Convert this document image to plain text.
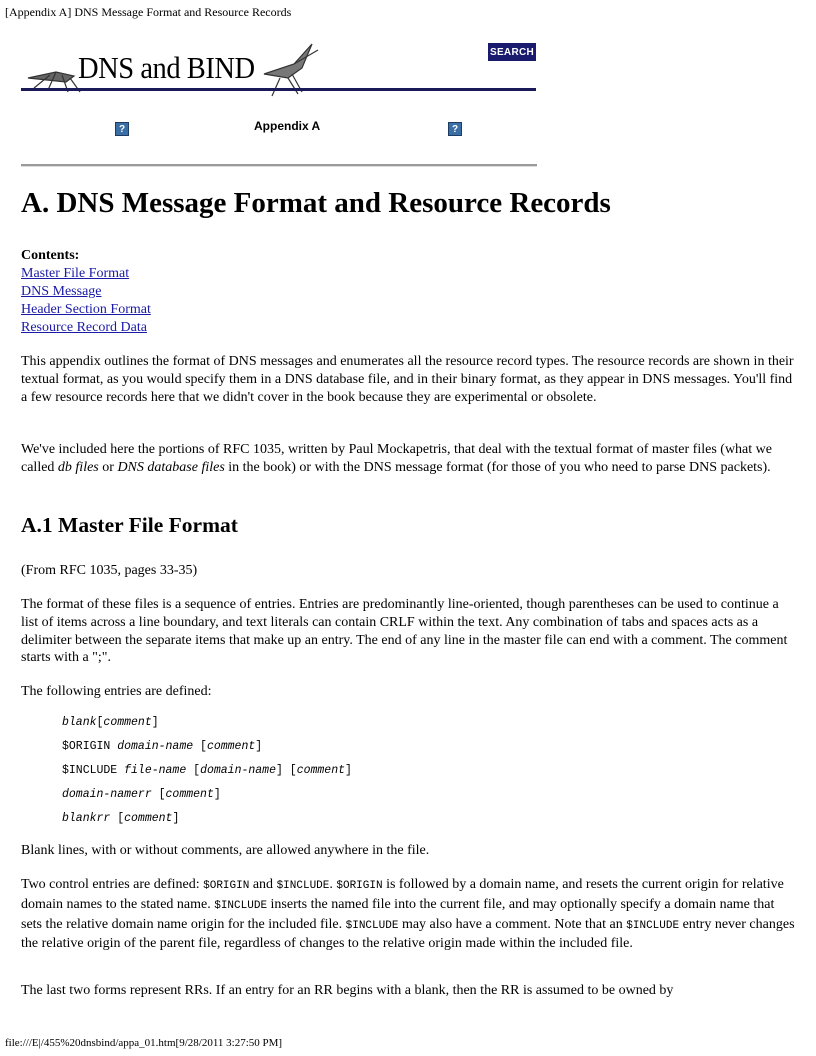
[Appendix A] DNS Message Format and Resource Records
DNS and BIND	SEARCH
?	Appendix A	?
A. DNS Message Format and Resource Records
Contents:
Master File Format
DNS Message
Header Section Format
Resource Record Data
This appendix outlines the format of DNS messages and enumerates all the resource record types. The resource records are shown in their textual format, as you would specify them in a DNS database file, and in their binary format, as they appear in DNS messages. You'll find a few resource records here that we didn't cover in the book because they are experimental or obsolete.
We've included here the portions of RFC 1035, written by Paul Mockapetris, that deal with the textual format of master files (what we called db files or DNS database files in the book) or with the DNS message format (for those of you who need to parse DNS packets).
A.1 Master File Format
(From RFC 1035, pages 33-35)
The format of these files is a sequence of entries. Entries are predominantly line-oriented, though parentheses can be used to continue a list of items across a line boundary, and text literals can contain CRLF within the text. Any combination of tabs and spaces acts as a delimiter between the separate items that make up an entry. The end of any line in the master file can end with a comment. The comment starts with a ";".
The following entries are defined:
blank[comment]
$ORIGIN domain-name [comment]
$INCLUDE file-name [domain-name] [comment]
domain-namerr [comment]
blankrr [comment]
Blank lines, with or without comments, are allowed anywhere in the file.
Two control entries are defined: $ORIGIN and $INCLUDE. $ORIGIN is followed by a domain name, and resets the current origin for relative domain names to the stated name. $INCLUDE inserts the named file into the current file, and may optionally specify a domain name that sets the relative domain name origin for the included file. $INCLUDE may also have a comment. Note that an $INCLUDE entry never changes the relative origin of the parent file, regardless of changes to the relative origin made within the included file.
The last two forms represent RRs. If an entry for an RR begins with a blank, then the RR is assumed to be owned by
file:///E|/455%20dnsbind/appa_01.htm[9/28/2011 3:27:50 PM]
